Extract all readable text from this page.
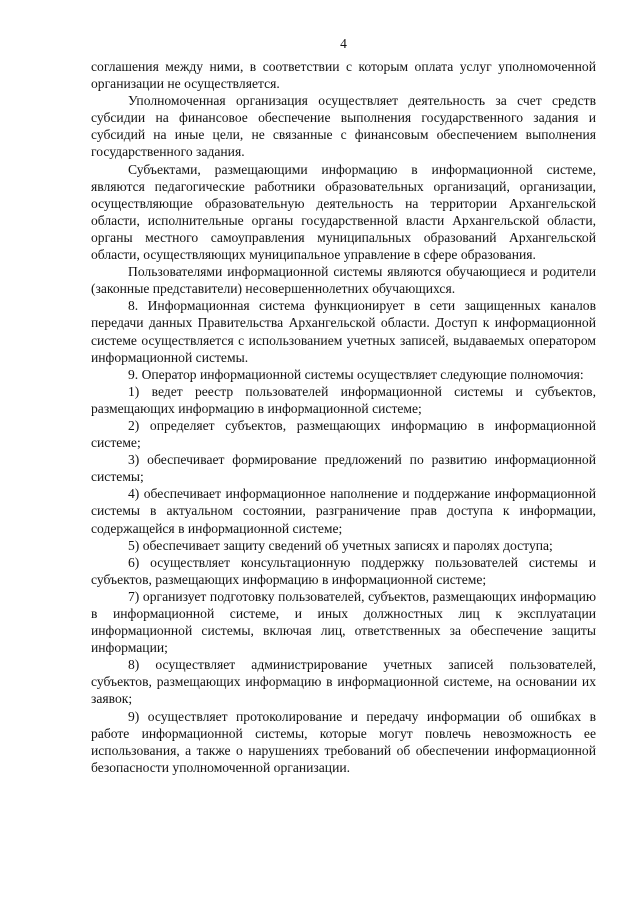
4

соглашения между ними, в соответствии с которым оплата услуг уполномоченной организации не осуществляется.

Уполномоченная организация осуществляет деятельность за счет средств субсидии на финансовое обеспечение выполнения государственного задания и субсидий на иные цели, не связанные с финансовым обеспечением выполнения государственного задания.

Субъектами, размещающими информацию в информационной системе, являются педагогические работники образовательных организаций, организации, осуществляющие образовательную деятельность на территории Архангельской области, исполнительные органы государственной власти Архангельской области, органы местного самоуправления муниципальных образований Архангельской области, осуществляющих муниципальное управление в сфере образования.

Пользователями информационной системы являются обучающиеся и родители (законные представители) несовершеннолетних обучающихся.

8. Информационная система функционирует в сети защищенных каналов передачи данных Правительства Архангельской области. Доступ к информационной системе осуществляется с использованием учетных записей, выдаваемых оператором информационной системы.

9. Оператор информационной системы осуществляет следующие полномочия:

1) ведет реестр пользователей информационной системы и субъектов, размещающих информацию в информационной системе;

2) определяет субъектов, размещающих информацию в информационной системе;

3) обеспечивает формирование предложений по развитию информационной системы;

4) обеспечивает информационное наполнение и поддержание информационной системы в актуальном состоянии, разграничение прав доступа к информации, содержащейся в информационной системе;

5) обеспечивает защиту сведений об учетных записях и паролях доступа;

6) осуществляет консультационную поддержку пользователей системы и субъектов, размещающих информацию в информационной системе;

7) организует подготовку пользователей, субъектов, размещающих информацию в информационной системе, и иных должностных лиц к эксплуатации информационной системы, включая лиц, ответственных за обеспечение защиты информации;

8) осуществляет администрирование учетных записей пользователей, субъектов, размещающих информацию в информационной системе, на основании их заявок;

9) осуществляет протоколирование и передачу информации об ошибках в работе информационной системы, которые могут повлечь невозможность ее использования, а также о нарушениях требований об обеспечении информационной безопасности уполномоченной организации.
